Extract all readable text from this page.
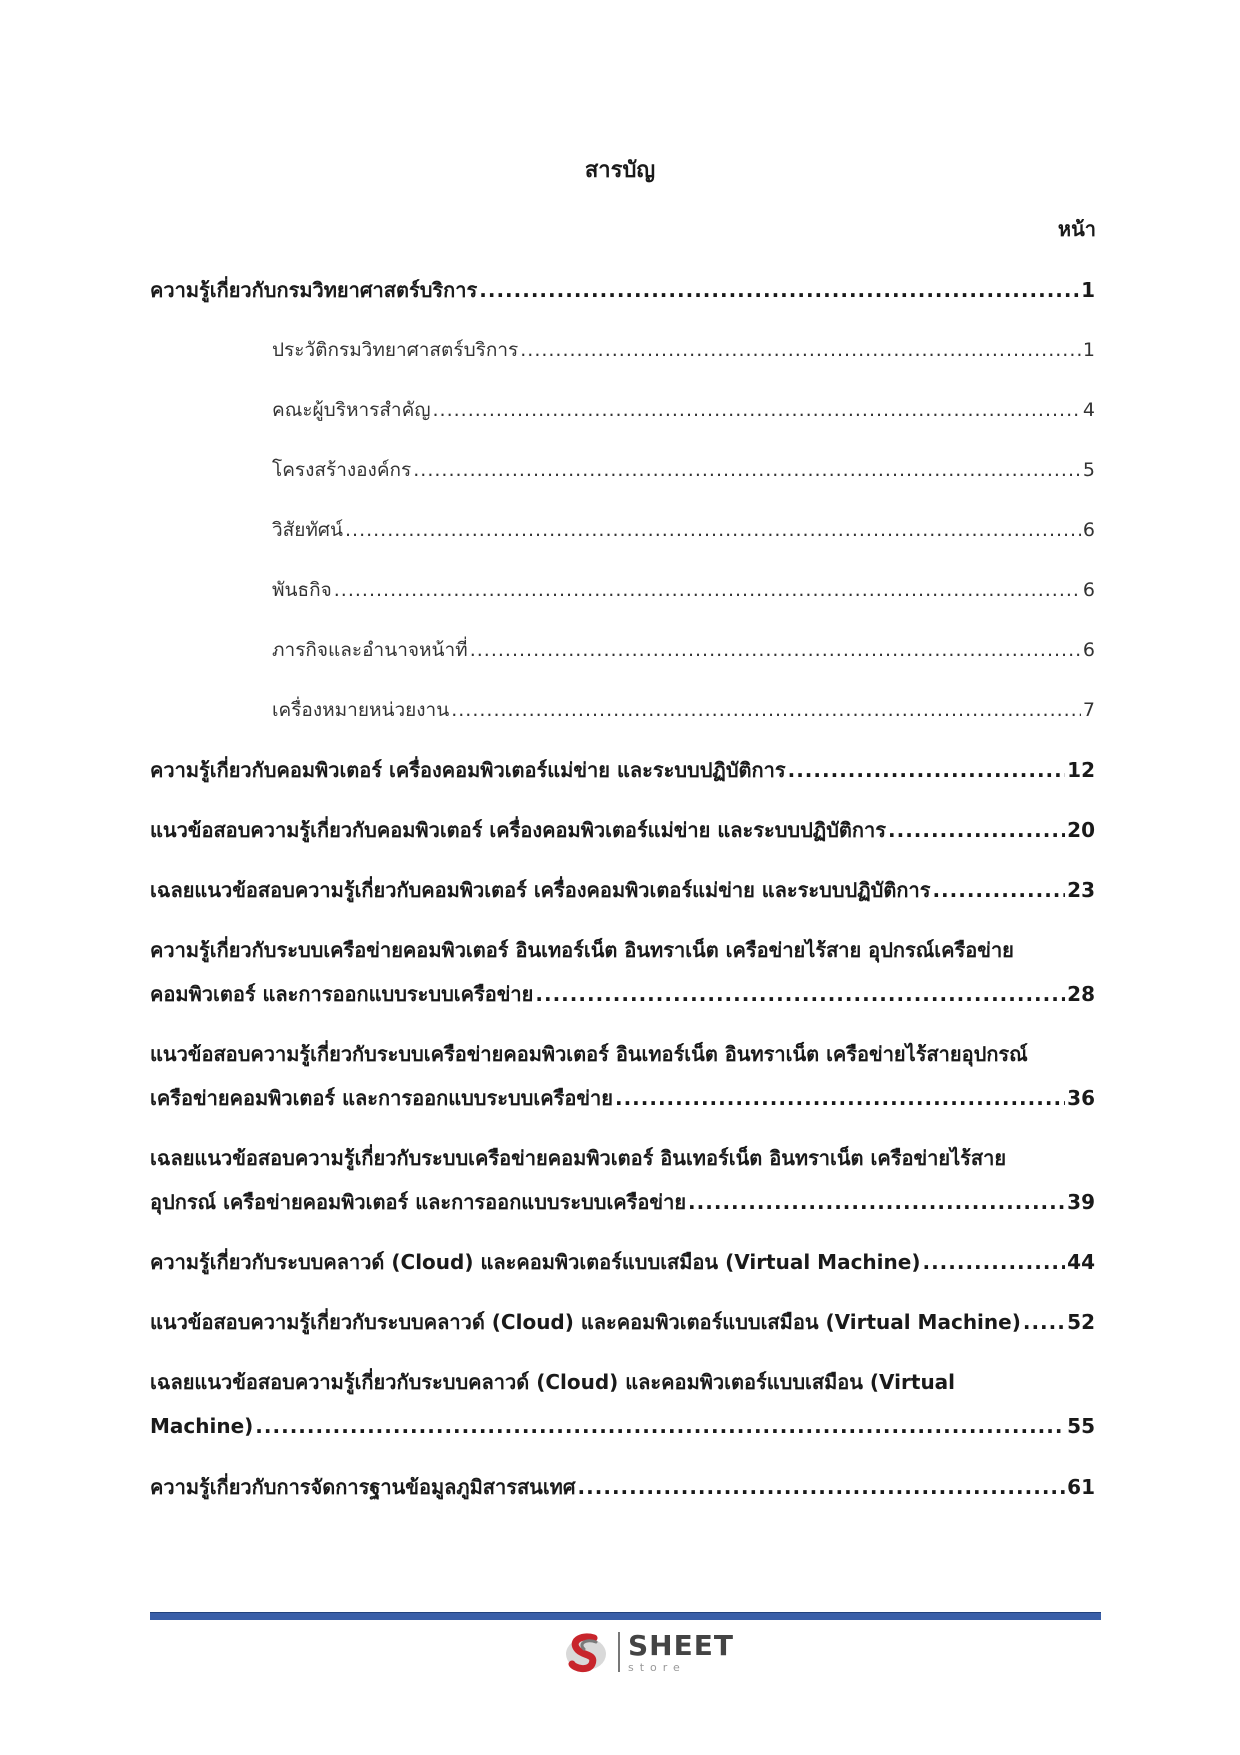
สารบัญ
หน้า
ความรู้เกี่ยวกับกรมวิทยาศาสตร์บริการ .....	1
ประวัติกรมวิทยาศาสตร์บริการ .....	1
คณะผู้บริหารสำคัญ .....	4
โครงสร้างองค์กร .....	5
วิสัยทัศน์ .....	6
พันธกิจ .....	6
ภารกิจและอำนาจหน้าที่ .....	6
เครื่องหมายหน่วยงาน .....	7
ความรู้เกี่ยวกับคอมพิวเตอร์ เครื่องคอมพิวเตอร์แม่ข่าย และระบบปฏิบัติการ .....	12
แนวข้อสอบความรู้เกี่ยวกับคอมพิวเตอร์ เครื่องคอมพิวเตอร์แม่ข่าย และระบบปฏิบัติการ .....	20
เฉลยแนวข้อสอบความรู้เกี่ยวกับคอมพิวเตอร์ เครื่องคอมพิวเตอร์แม่ข่าย และระบบปฏิบัติการ .....	23
ความรู้เกี่ยวกับระบบเครือข่ายคอมพิวเตอร์ อินเทอร์เน็ต อินทราเน็ต เครือข่ายไร้สาย อุปกรณ์เครือข่าย
คอมพิวเตอร์ และการออกแบบระบบเครือข่าย .....	28
แนวข้อสอบความรู้เกี่ยวกับระบบเครือข่ายคอมพิวเตอร์ อินเทอร์เน็ต อินทราเน็ต เครือข่ายไร้สายอุปกรณ์
เครือข่ายคอมพิวเตอร์ และการออกแบบระบบเครือข่าย .....	36
เฉลยแนวข้อสอบความรู้เกี่ยวกับระบบเครือข่ายคอมพิวเตอร์ อินเทอร์เน็ต อินทราเน็ต เครือข่ายไร้สาย
อุปกรณ์ เครือข่ายคอมพิวเตอร์ และการออกแบบระบบเครือข่าย .....	39
ความรู้เกี่ยวกับระบบคลาวด์ (Cloud) และคอมพิวเตอร์แบบเสมือน (Virtual Machine) .....	44
แนวข้อสอบความรู้เกี่ยวกับระบบคลาวด์ (Cloud) และคอมพิวเตอร์แบบเสมือน (Virtual Machine) ..... 52
เฉลยแนวข้อสอบความรู้เกี่ยวกับระบบคลาวด์ (Cloud) และคอมพิวเตอร์แบบเสมือน (Virtual
Machine) .....	55
ความรู้เกี่ยวกับการจัดการฐานข้อมูลภูมิสารสนเทศ .....	61
SHEET
store
